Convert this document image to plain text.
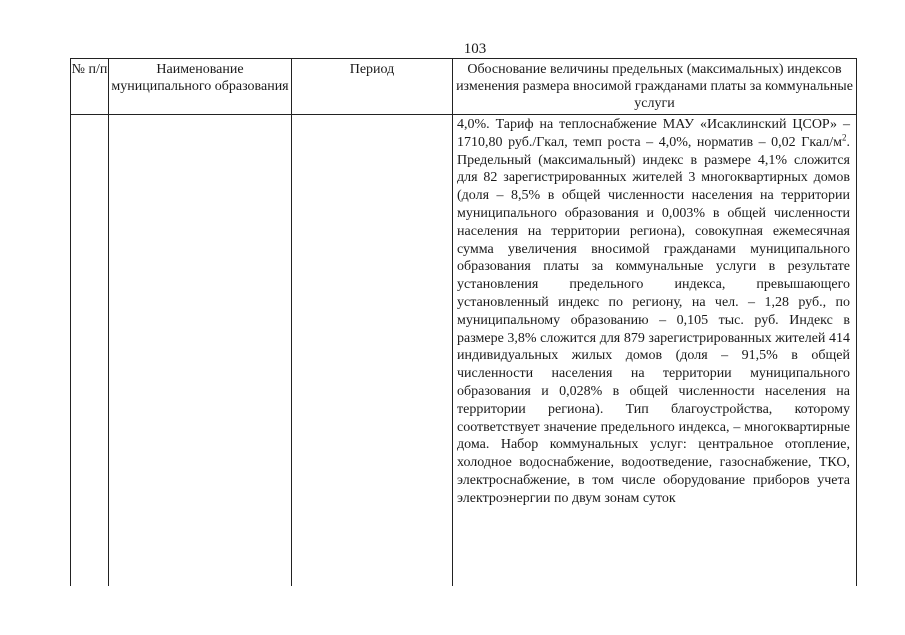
103
№ п/п	Наименование муниципального образования	Период	Обоснование величины предельных (максимальных) индексов изменения размера вносимой гражданами платы за коммунальные услуги

			4,0%. Тариф на теплоснабжение МАУ «Исаклинский ЦСОР» – 1710,80 руб./Гкал, темп роста – 4,0%, норматив – 0,02 Гкал/$м^2$. Предельный (максимальный) индекс в размере 4,1% сложится для 82 зарегистрированных жителей 3 многоквартирных домов (доля – 8,5% в общей численности населения на территории муниципального образования и 0,003% в общей численности населения на территории региона), совокупная ежемесячная сумма увеличения вносимой гражданами муниципального образования платы за коммунальные услуги в результате установления предельного индекса, превышающего установленный индекс по региону, на чел. – 1,28 руб., по муниципальному образованию – 0,105 тыс. руб. Индекс в размере 3,8% сложится для 879 зарегистрированных жителей 414 индивидуальных жилых домов (доля – 91,5% в общей численности населения на территории муниципального образования и 0,028% в общей численности населения на территории региона). Тип благоустройства, которому соответствует значение предельного индекса, – многоквартирные дома. Набор коммунальных услуг: центральное отопление, холодное водоснабжение, водоотведение, газоснабжение, ТКО, электроснабжение, в том числе оборудование приборов учета электроэнергии по двум зонам суток
